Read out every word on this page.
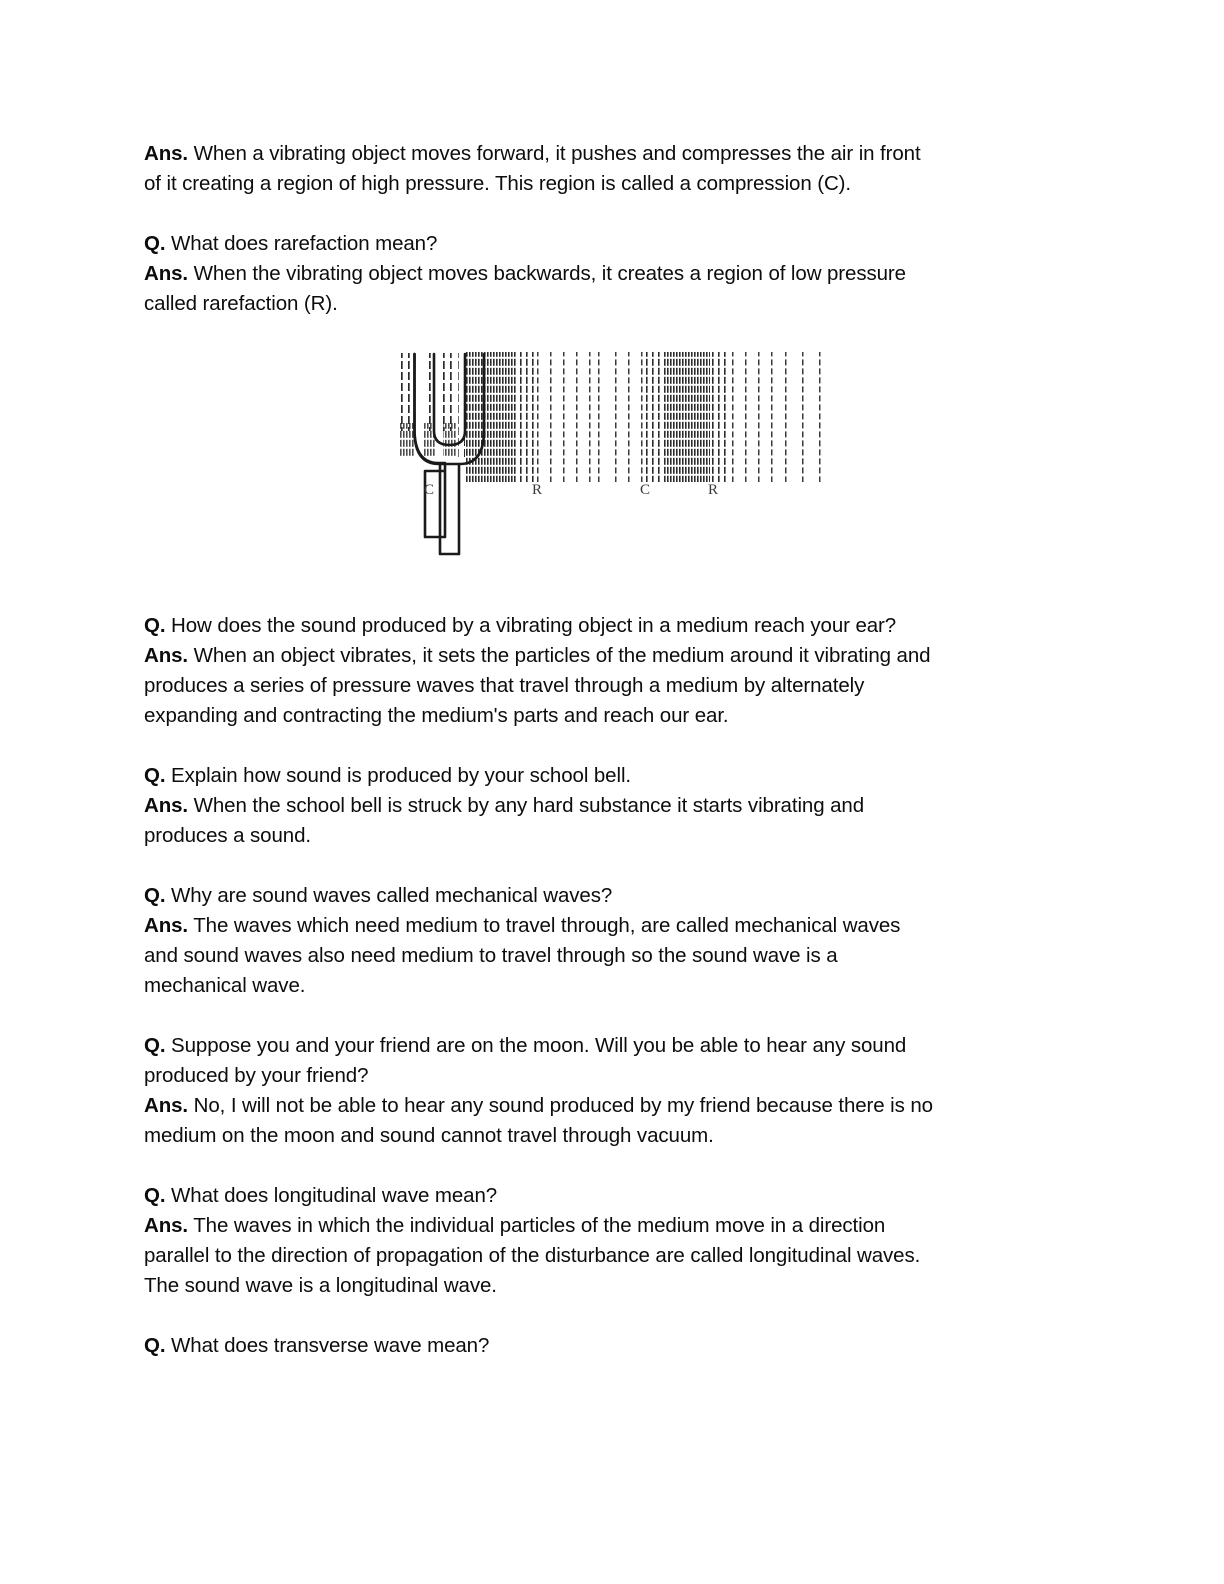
Ans. When a vibrating object moves forward, it pushes and compresses the air in front
of it creating a region of high pressure. This region is called a compression (C).
Q. What does rarefaction mean?
Ans. When the vibrating object moves backwards, it creates a region of low pressure
called rarefaction (R).
C	R	C	R
Q. How does the sound produced by a vibrating object in a medium reach your ear?
Ans. When an object vibrates, it sets the particles of the medium around it vibrating and
produces a series of pressure waves that travel through a medium by alternately
expanding and contracting the medium's parts and reach our ear.
Q. Explain how sound is produced by your school bell.
Ans. When the school bell is struck by any hard substance it starts vibrating and
produces a sound.
Q. Why are sound waves called mechanical waves?
Ans. The waves which need medium to travel through, are called mechanical waves
and sound waves also need medium to travel through so the sound wave is a
mechanical wave.
Q. Suppose you and your friend are on the moon. Will you be able to hear any sound
produced by your friend?
Ans. No, I will not be able to hear any sound produced by my friend because there is no
medium on the moon and sound cannot travel through vacuum.
Q. What does longitudinal wave mean?
Ans. The waves in which the individual particles of the medium move in a direction
parallel to the direction of propagation of the disturbance are called longitudinal waves.
The sound wave is a longitudinal wave.
Q. What does transverse wave mean?
